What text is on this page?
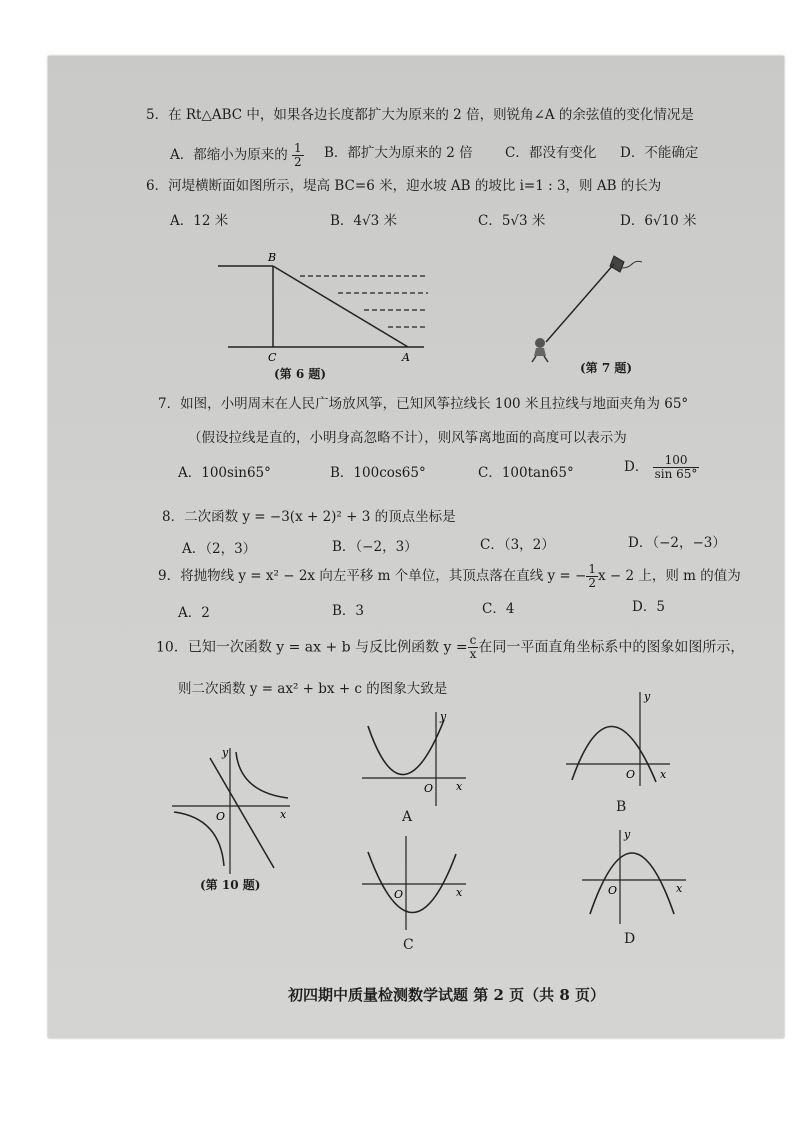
5．在 Rt△ABC 中，如果各边长度都扩大为原来的 2 倍，则锐角∠A 的余弦值的变化情况是
A．都缩小为原来的 $\frac{1}{2}$ B．都扩大为原来的 2 倍 C．都没有变化 D．不能确定
6．河堤横断面如图所示，堤高 BC=6 米，迎水坡 AB 的坡比 i=1 : 3，则 AB 的长为
A．12 米	B．4√3 米	C．5√3 米	D．6√10 米
B
C	A
(第 6 题)	(第 7 题)
7．如图，小明周末在人民广场放风筝，已知风筝拉线长 100 米且拉线与地面夹角为 65°
（假设拉线是直的，小明身高忽略不计），则风筝离地面的高度可以表示为
A．100sin65°	B．100cos65°	C．100tan65°	D． $\frac{100}{\sin 65^\circ}$
8．二次函数 y = −3(x + 2)² + 3 的顶点坐标是
A．（2，3）	B．（−2，3）	C．（3，2）	D．（−2，−3）
9．将抛物线 y = x² − 2x 向左平移 m 个单位，其顶点落在直线 y = − $\frac{1}{2}$ x − 2 上，则 m 的值为
A．2	B．3	C．4	D．5
10．已知一次函数 y = ax + b 与反比例函数 $y = \frac{c}{x}$ 在同一平面直角坐标系中的图象如图所示，
则二次函数 y = ax² + bx + c 的图象大致是
O	x
y
(第 10 题)
O x
y
A
O x
y
B
O	x
C
O	x
y
D
初四期中质量检测数学试题 第 2 页（共 8 页）
